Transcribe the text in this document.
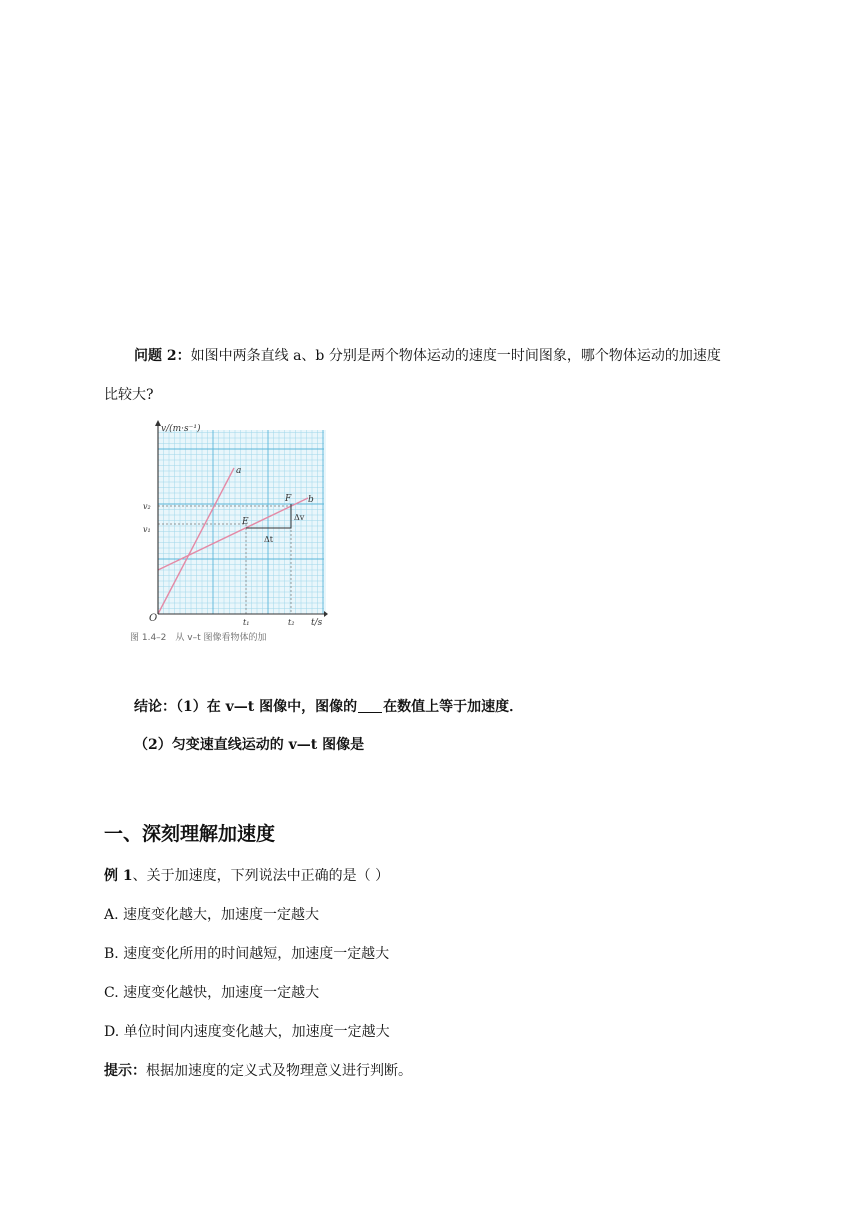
问题 2：如图中两条直线 a、b 分别是两个物体运动的速度一时间图象，哪个物体运动的加速度
比较大?
v/(m·s⁻¹)
t/s
O
v₂
v₁
t₁	t₂
a
b
E
F
Δv
Δt
图 1.4–2　从 v–t 图像看物体的加
结论：（1）在 v—t 图像中，图像的 在数值上等于加速度．
（2）匀变速直线运动的 v—t 图像是
一、深刻理解加速度
例 1、关于加速度，下列说法中正确的是（ ）
A. 速度变化越大，加速度一定越大
B. 速度变化所用的时间越短，加速度一定越大
C. 速度变化越快，加速度一定越大
D. 单位时间内速度变化越大，加速度一定越大
提示：根据加速度的定义式及物理意义进行判断。
